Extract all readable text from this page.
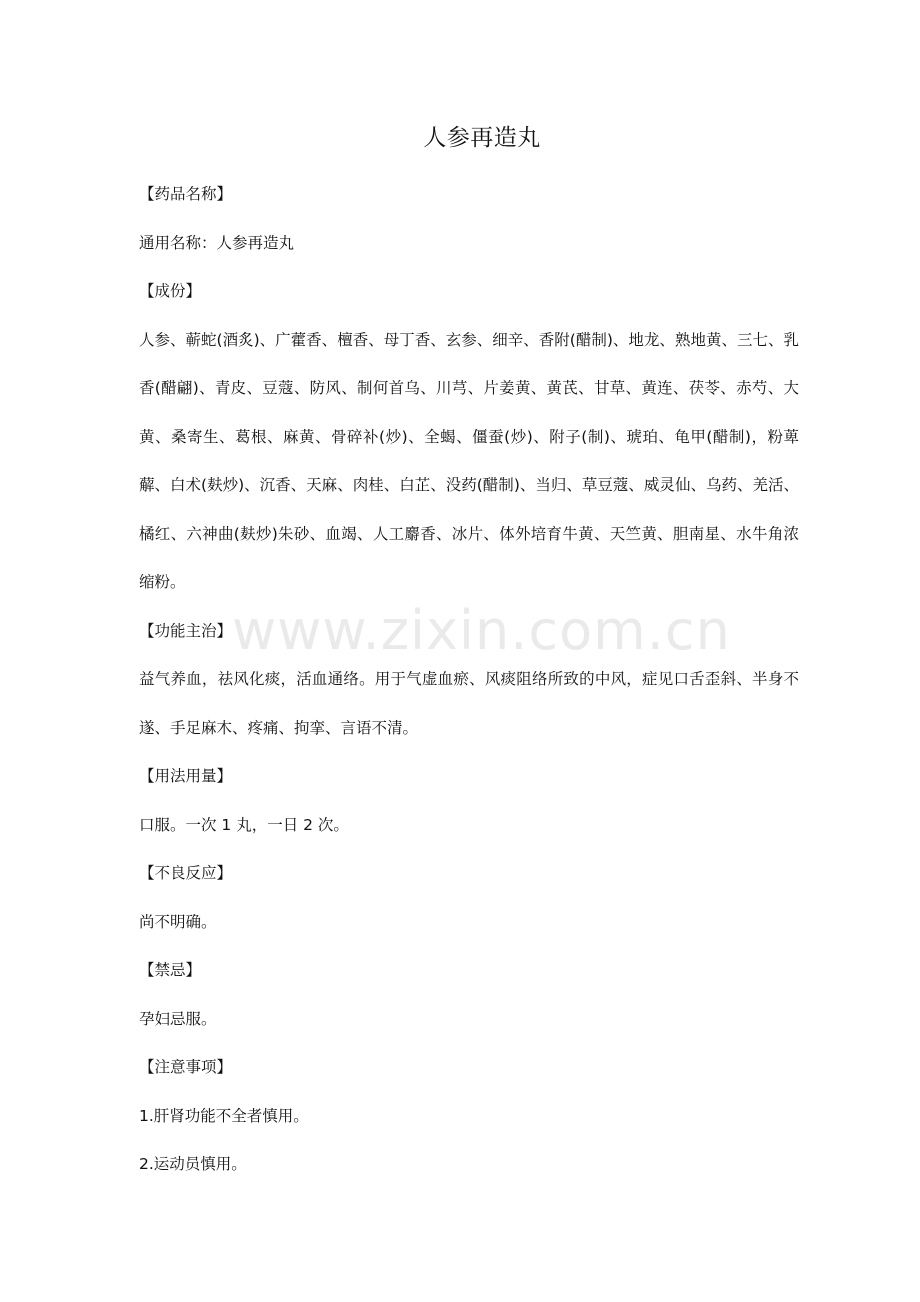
人参再造丸

【药品名称】

通用名称：人参再造丸

【成份】

人参、蕲蛇(酒炙)、广藿香、檀香、母丁香、玄参、细辛、香附(醋制)、地龙、熟地黄、三七、乳香(醋翩)、青皮、豆蔻、防风、制何首乌、川芎、片姜黄、黄芪、甘草、黄连、茯苓、赤芍、大黄、桑寄生、葛根、麻黄、骨碎补(炒)、全蝎、僵蚕(炒)、附子(制)、琥珀、龟甲(醋制)，粉萆薢、白术(麸炒)、沉香、天麻、肉桂、白芷、没药(醋制)、当归、草豆蔻、威灵仙、乌药、羌活、橘红、六神曲(麸炒)朱砂、血竭、人工麝香、冰片、体外培育牛黄、天竺黄、胆南星、水牛角浓缩粉。

【功能主治】

益气养血，祛风化痰，活血通络。用于气虚血瘀、风痰阻络所致的中风，症见口舌歪斜、半身不遂、手足麻木、疼痛、拘挛、言语不清。

【用法用量】

口服。一次 1 丸，一日 2 次。

【不良反应】

尚不明确。

【禁忌】

孕妇忌服。

【注意事项】

1.肝肾功能不全者慎用。

2.运动员慎用。

www.zixin.com.cn
